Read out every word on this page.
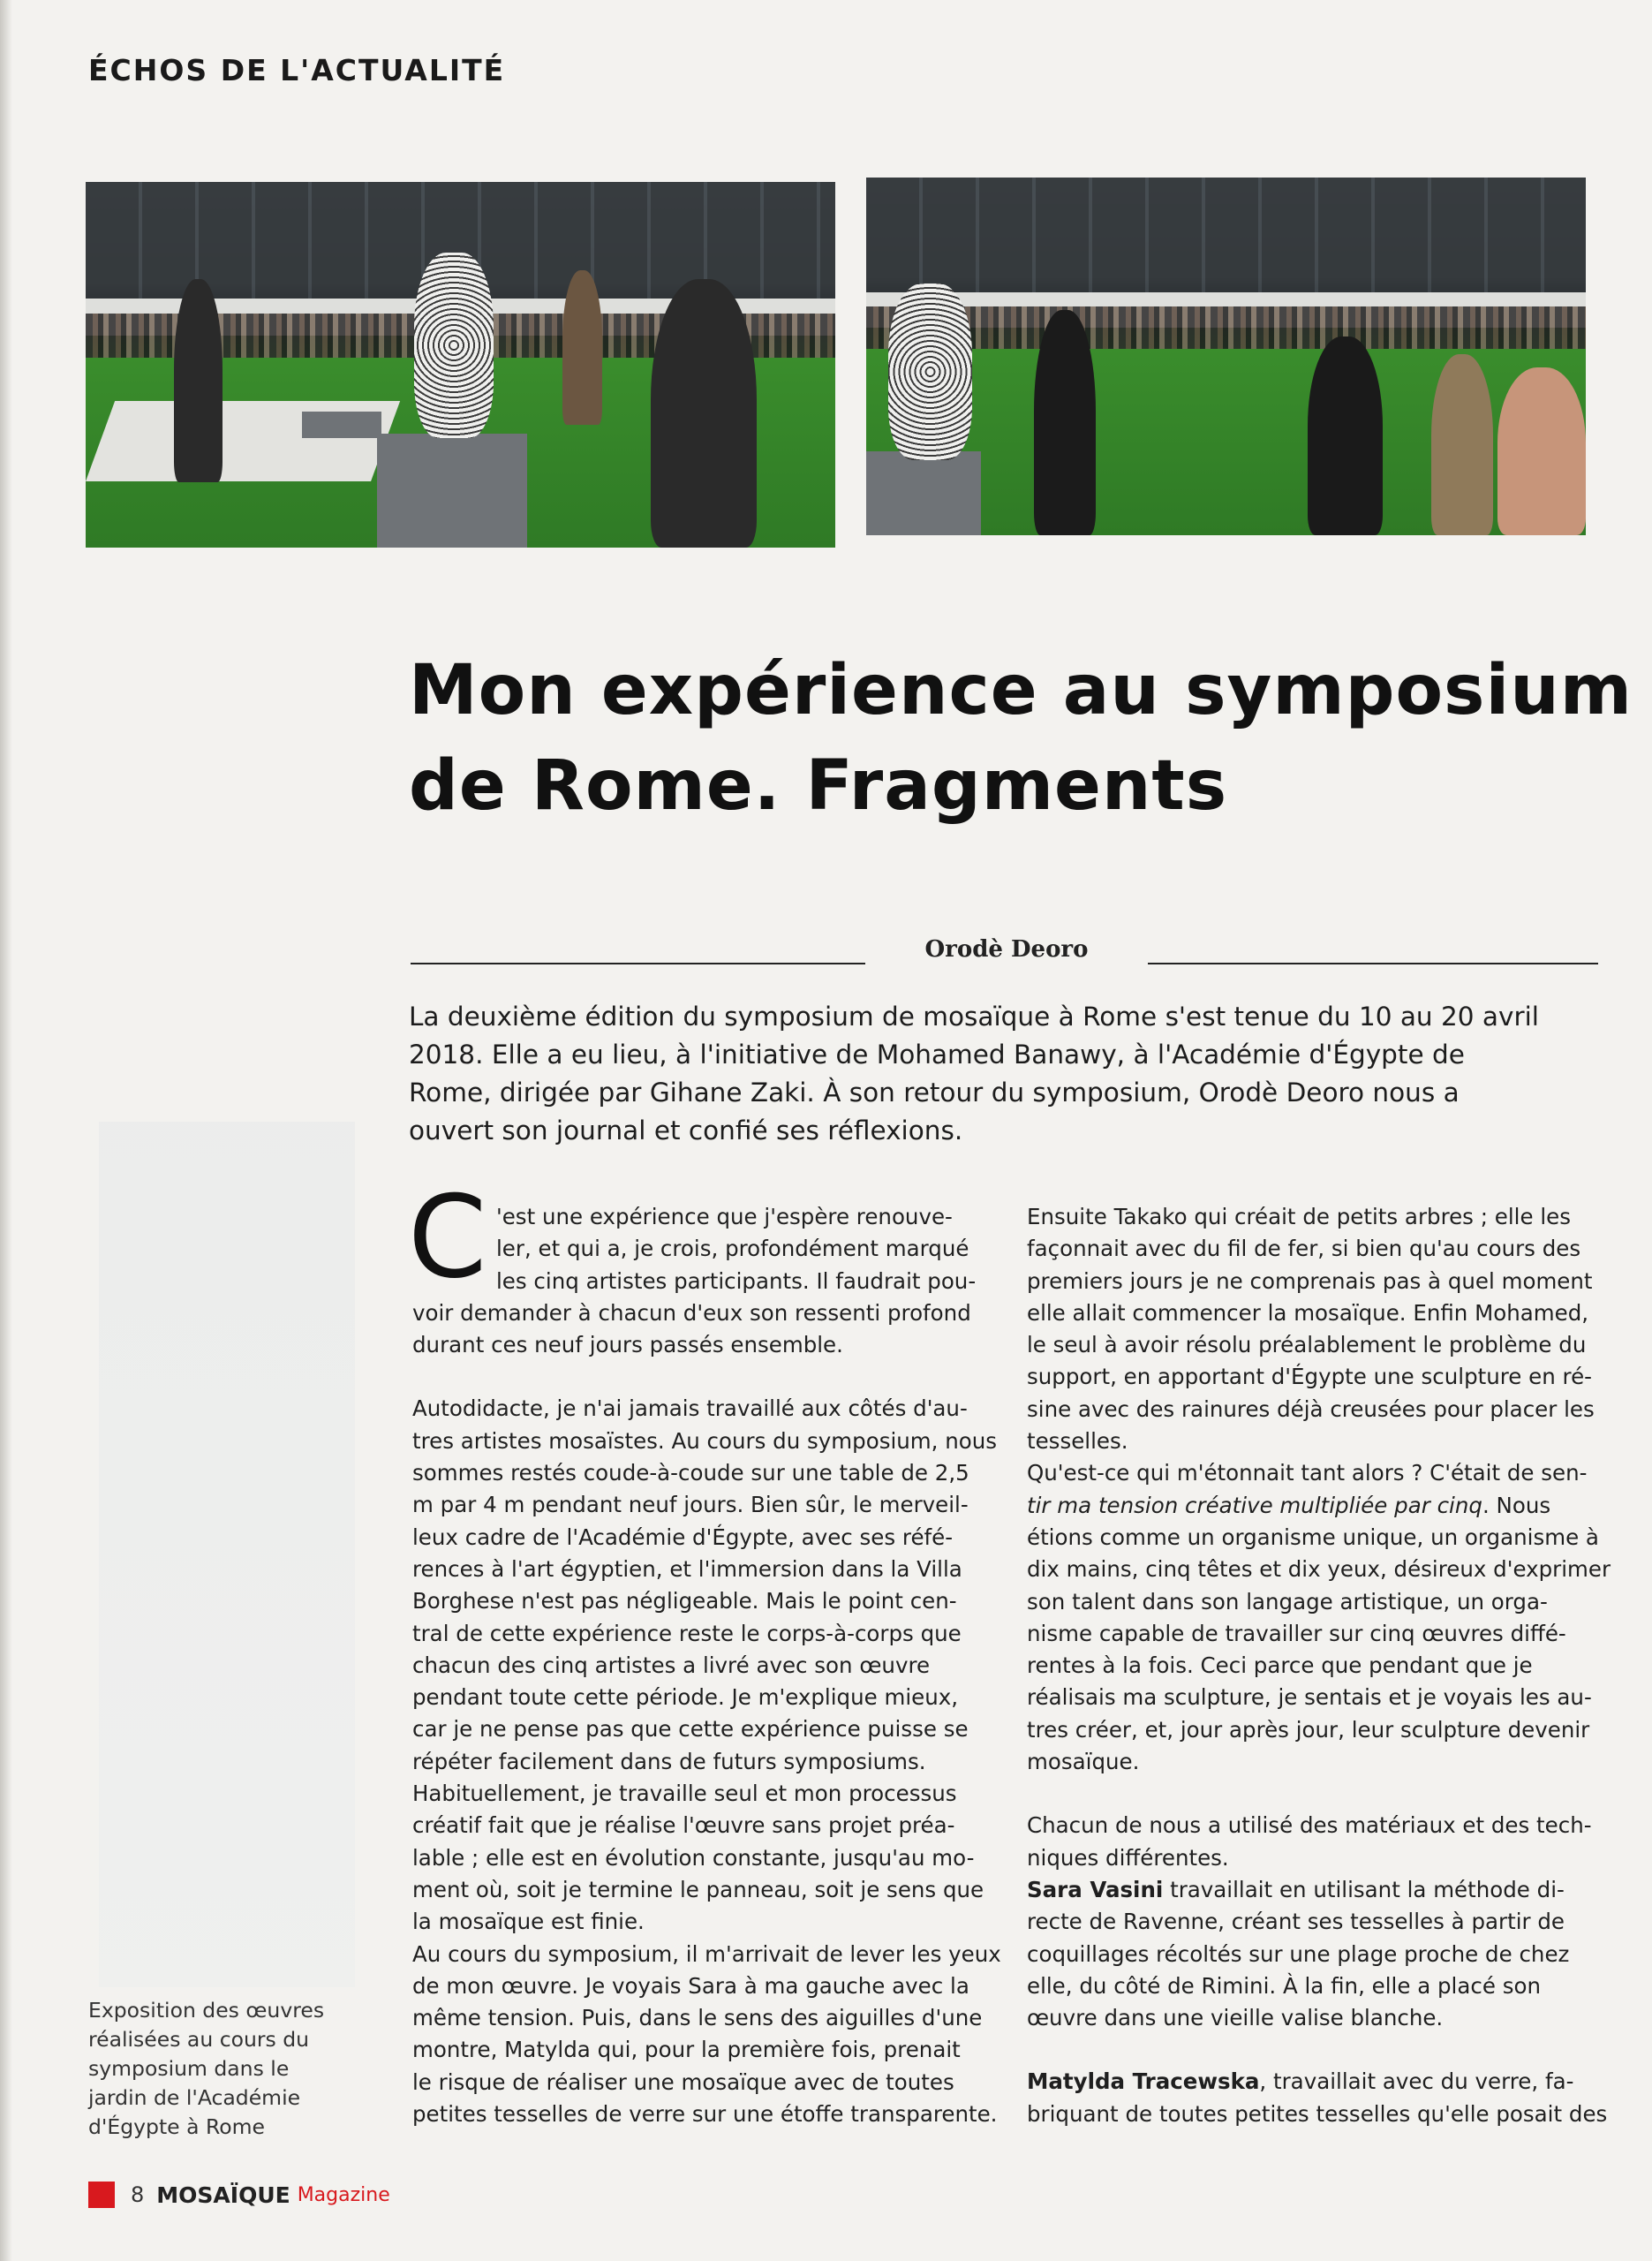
ÉCHOS DE L'ACTUALITÉ
Mon expérience au symposium
de Rome. Fragments
Orodè Deoro
La deuxième édition du symposium de mosaïque à Rome s'est tenue du 10 au 20 avril
2018. Elle a eu lieu, à l'initiative de Mohamed Banawy, à l'Académie d'Égypte de
Rome, dirigée par Gihane Zaki. À son retour du symposium, Orodè Deoro nous a
ouvert son journal et confié ses réflexions.
C 'est une expérience que j'espère renouve-
ler, et qui a, je crois, profondément marqué
les cinq artistes participants. Il faudrait pou-
voir demander à chacun d'eux son ressenti profond
durant ces neuf jours passés ensemble.
Autodidacte, je n'ai jamais travaillé aux côtés d'au-
tres artistes mosaïstes. Au cours du symposium, nous
sommes restés coude-à-coude sur une table de 2,5
m par 4 m pendant neuf jours. Bien sûr, le merveil-
leux cadre de l'Académie d'Égypte, avec ses réfé-
rences à l'art égyptien, et l'immersion dans la Villa
Borghese n'est pas négligeable. Mais le point cen-
tral de cette expérience reste le corps-à-corps que
chacun des cinq artistes a livré avec son œuvre
pendant toute cette période. Je m'explique mieux,
car je ne pense pas que cette expérience puisse se
répéter facilement dans de futurs symposiums.
Habituellement, je travaille seul et mon processus
créatif fait que je réalise l'œuvre sans projet préa-
lable ; elle est en évolution constante, jusqu'au mo-
ment où, soit je termine le panneau, soit je sens que
la mosaïque est finie.
Au cours du symposium, il m'arrivait de lever les yeux
de mon œuvre. Je voyais Sara à ma gauche avec la
même tension. Puis, dans le sens des aiguilles d'une
montre, Matylda qui, pour la première fois, prenait
le risque de réaliser une mosaïque avec de toutes
petites tesselles de verre sur une étoffe transparente.
Ensuite Takako qui créait de petits arbres ; elle les
façonnait avec du fil de fer, si bien qu'au cours des
premiers jours je ne comprenais pas à quel moment
elle allait commencer la mosaïque. Enfin Mohamed,
le seul à avoir résolu préalablement le problème du
support, en apportant d'Égypte une sculpture en ré-
sine avec des rainures déjà creusées pour placer les
tesselles.
Qu'est-ce qui m'étonnait tant alors ? C'était de sen-
tir ma tension créative multipliée par cinq. Nous
étions comme un organisme unique, un organisme à
dix mains, cinq têtes et dix yeux, désireux d'exprimer
son talent dans son langage artistique, un orga-
nisme capable de travailler sur cinq œuvres diffé-
rentes à la fois. Ceci parce que pendant que je
réalisais ma sculpture, je sentais et je voyais les au-
tres créer, et, jour après jour, leur sculpture devenir
mosaïque.
Chacun de nous a utilisé des matériaux et des tech-
niques différentes.
Sara Vasini travaillait en utilisant la méthode di-
recte de Ravenne, créant ses tesselles à partir de
coquillages récoltés sur une plage proche de chez
elle, du côté de Rimini. À la fin, elle a placé son
œuvre dans une vieille valise blanche.
Matylda Tracewska, travaillait avec du verre, fa-
briquant de toutes petites tesselles qu'elle posait des
Exposition des œuvres
réalisées au cours du
symposium dans le
jardin de l'Académie
d'Égypte à Rome
8 MOSAÏQUE Magazine
